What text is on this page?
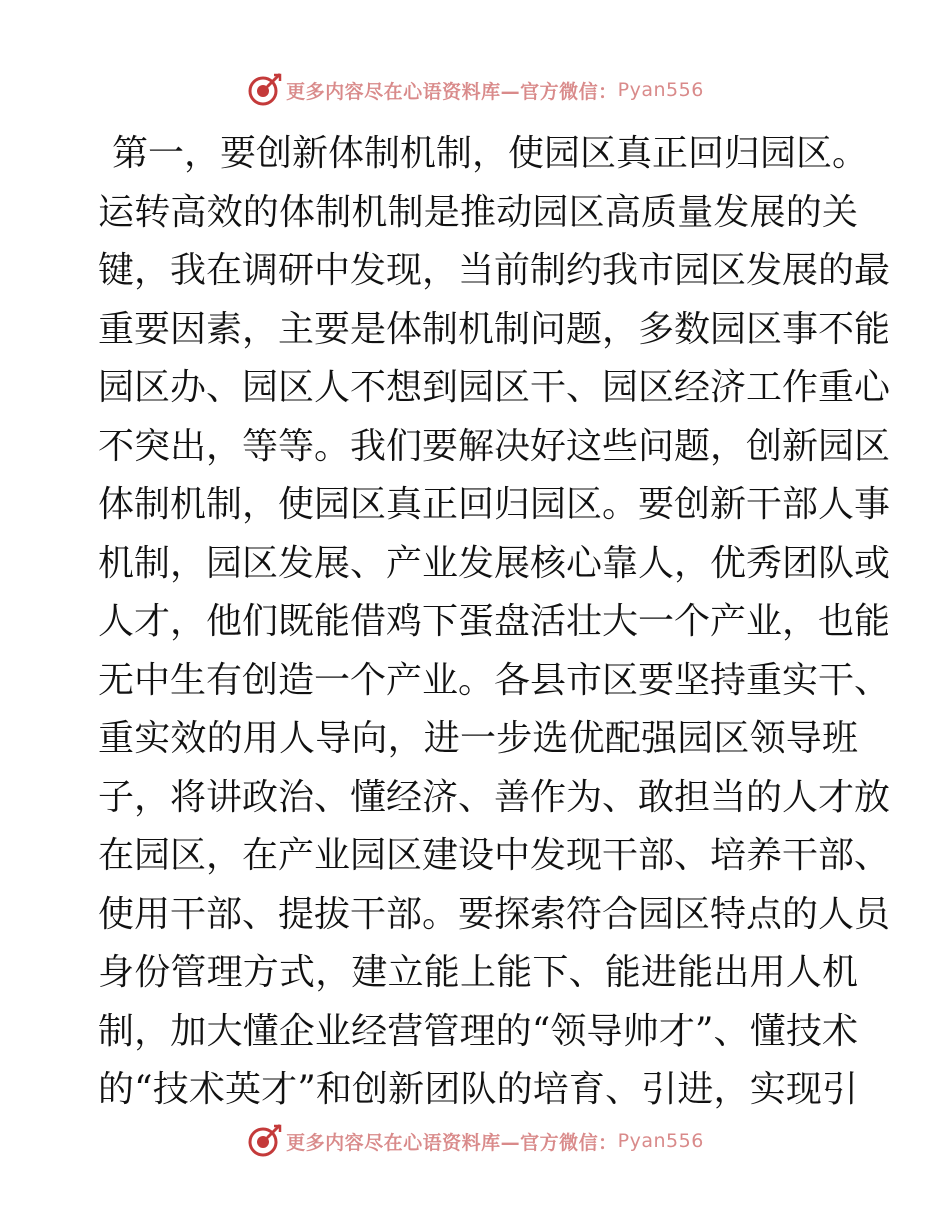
更多内容尽在心语资料库—官方微信： Pyan556
第一，要创新体制机制，使园区真正回归园区。
运转高效的体制机制是推动园区高质量发展的关
键，我在调研中发现，当前制约我市园区发展的最
重要因素，主要是体制机制问题，多数园区事不能
园区办、园区人不想到园区干、园区经济工作重心
不突出，等等。我们要解决好这些问题，创新园区
体制机制，使园区真正回归园区。要创新干部人事
机制，园区发展、产业发展核心靠人，优秀团队或
人才，他们既能借鸡下蛋盘活壮大一个产业，也能
无中生有创造一个产业。各县市区要坚持重实干、
重实效的用人导向，进一步选优配强园区领导班
子，将讲政治、懂经济、善作为、敢担当的人才放
在园区，在产业园区建设中发现干部、培养干部、
使用干部、提拔干部。要探索符合园区特点的人员
身份管理方式，建立能上能下、能进能出用人机
制，加大懂企业经营管理的“领导帅才”、懂技术
的“技术英才”和创新团队的培育、引进，实现引
更多内容尽在心语资料库—官方微信： Pyan556
